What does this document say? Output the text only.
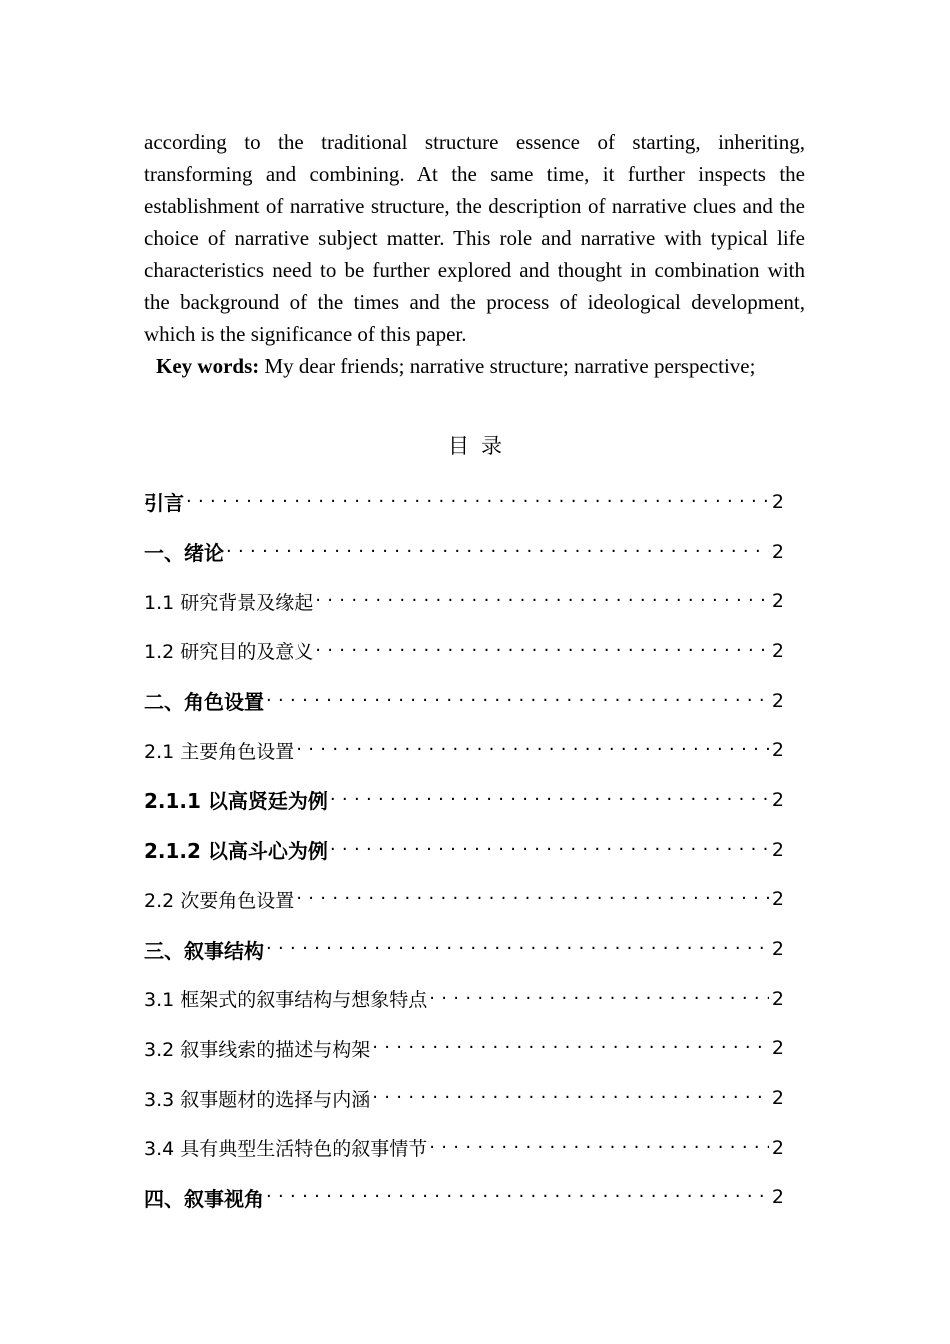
according to the traditional structure essence of starting, inheriting, transforming and combining. At the same time, it further inspects the establishment of narrative structure, the description of narrative clues and the choice of narrative subject matter. This role and narrative with typical life characteristics need to be further explored and thought in combination with the background of the times and the process of ideological development, which is the significance of this paper.

Key words: My dear friends; narrative structure; narrative perspective;
目录
引言 ·····	2
一、绪论 ·····	2
1.1 研究背景及缘起 ·····	2
1.2 研究目的及意义 ·····	2
二、角色设置 ·····	2
2.1 主要角色设置 ·····	2
2.1.1 以高贤廷为例 ·····	2
2.1.2 以高斗心为例 ·····	2
2.2 次要角色设置 ·····	2
三、叙事结构 ·····	2
3.1 框架式的叙事结构与想象特点 ·····	2
3.2 叙事线索的描述与构架 ·····	2
3.3 叙事题材的选择与内涵 ·····	2
3.4 具有典型生活特色的叙事情节 ·····	2
四、叙事视角 ·····	2
